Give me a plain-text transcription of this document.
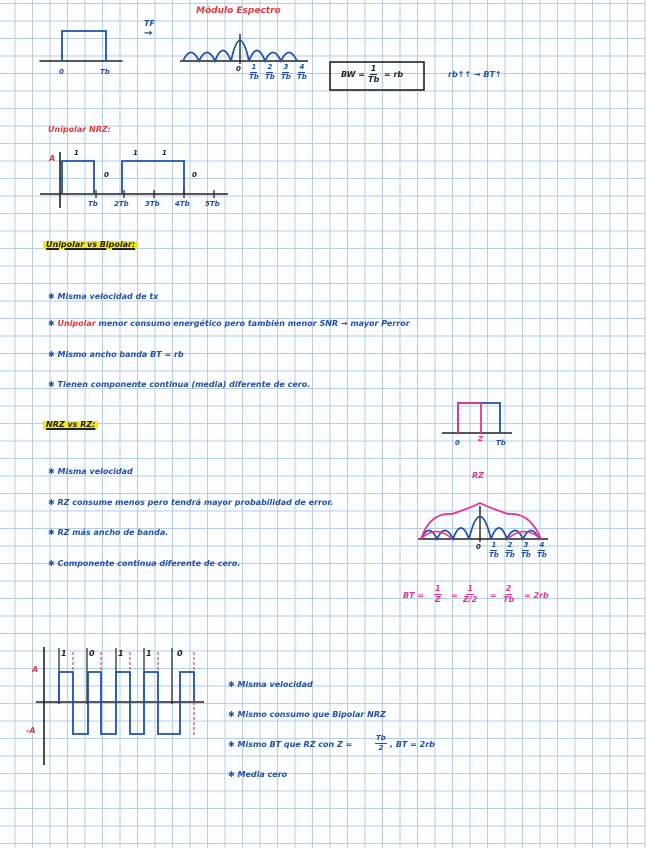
Módulo Espectro
TF
→
0	Tb	$0 \frac{1}{Tb} \frac{2}{Tb} \frac{3}{Tb} \frac{4}{Tb}$	BW = $\frac{1}{Tb}$ = rb	rb↑↑ → BT↑
Unipolar NRZ:
A
1
0
1	1
0
Tb 2Tb 3Tb 4Tb 5Tb
Unipolar vs Bipolar:
✱ Misma velocidad de tx
✱ Unipolar menor consumo energético pero también menor SNR → mayor Perror
✱ Mismo ancho banda BT = rb
✱ Tienen componente continua (media) diferente de cero.
NRZ vs RZ:
0	Z Tb
RZ
✱ Misma velocidad
✱ RZ consume menos pero tendrá mayor probabilidad de error.
✱ RZ más ancho de banda.
✱ Componente continua diferente de cero.
$0 \frac{1}{Tb} \frac{2}{Tb} \frac{3}{Tb} \frac{4}{Tb}$
BT = $\frac{1}{Z} = \frac{1}{Z/2} = \frac{2}{Tb} = 2rb$
A
-A
1	0	1	1	0
✱ Misma velocidad
✱ Mismo consumo que Bipolar NRZ
✱ Mismo BT que RZ con Z =	$\frac{Tb}{2}$ , BT = 2rb
✱ Media cero
